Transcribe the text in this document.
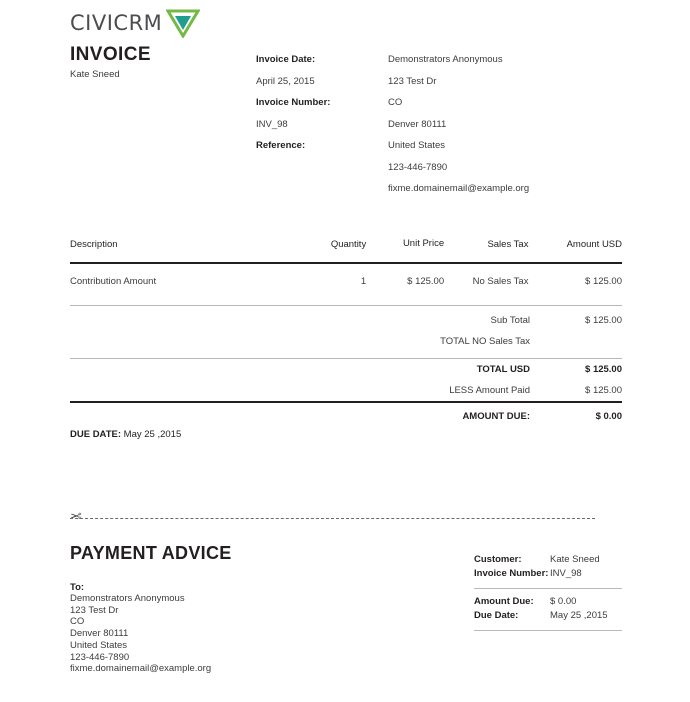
CIVICRM
INVOICE
Kate Sneed
Invoice Date:
April 25, 2015
Invoice Number:
INV_98
Reference:
Demonstrators Anonymous
123 Test Dr
CO
Denver 80111
United States
123-446-7890
fixme.domainemail@example.org
Description	Quantity	Unit Price	Sales Tax	Amount USD

Contribution Amount	1	$ 125.00	No Sales Tax	$ 125.00
Sub Total	$ 125.00
TOTAL NO Sales Tax
TOTAL USD	$ 125.00
LESS Amount Paid	$ 125.00
AMOUNT DUE:	$ 0.00
DUE DATE: May 25 ,2015
✂
PAYMENT ADVICE
To:
Demonstrators Anonymous
123 Test Dr
CO
Denver 80111
United States
123-446-7890
fixme.domainemail@example.org
Customer:	Kate Sneed
Invoice Number: INV_98
Amount Due:	$ 0.00
Due Date:	May 25 ,2015
